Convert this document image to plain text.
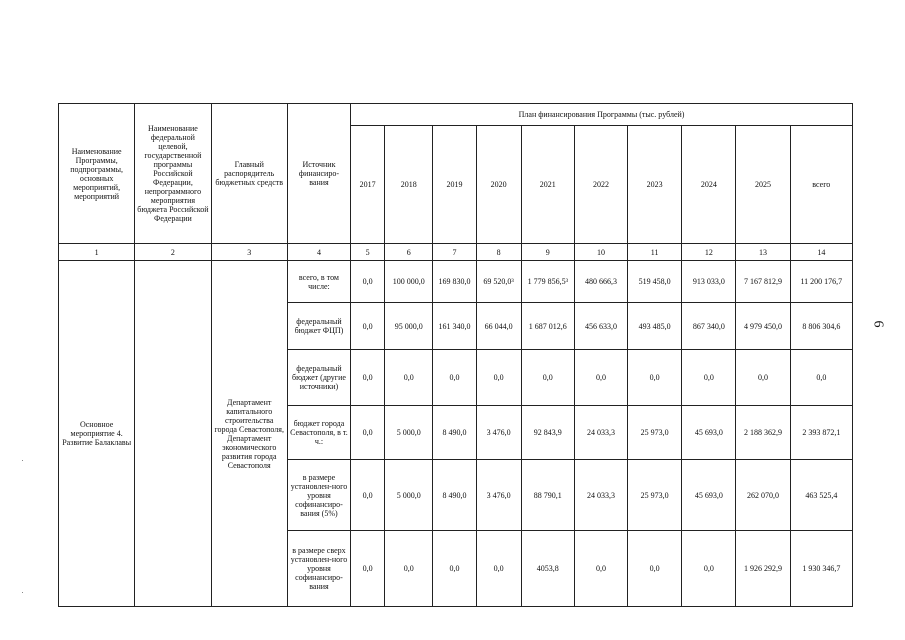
Наименование Программы, подпрограммы, основных мероприятий, мероприятий	Наименование федеральной целевой, государственной программы Российской Федерации, непрограммного мероприятия бюджета Российской Федерации	Главный распорядитель бюджетных средств	Источник финансиро-вания	План финансирования Программы (тыс. рублей)									
				2017	2018	2019	2020	2021	2022	2023	2024	2025	всего
1	2	3	4	5	6	7	8	9	10	11	12	13	14
Основное мероприятие 4. Развитие Балаклавы		Департамент капитального строительства города Севастополя, Департамент экономического развития города Севастополя	всего, в том числе:	0,0	100 000,0	169 830,0	69 520,0³	1 779 856,5³	480 666,3	519 458,0	913 033,0	7 167 812,9	11 200 176,7
			федеральный бюджет ФЦП)	0,0	95 000,0	161 340,0	66 044,0	1 687 012,6	456 633,0	493 485,0	867 340,0	4 979 450,0	8 806 304,6
			федеральный бюджет (другие источники)	0,0	0,0	0,0	0,0	0,0	0,0	0,0	0,0	0,0	0,0
			бюджет города Севастополя, в т. ч.:	0,0	5 000,0	8 490,0	3 476,0	92 843,9	24 033,3	25 973,0	45 693,0	2 188 362,9	2 393 872,1
			в размере установлен-ного уровня софинансиро-вания (5%)	0,0	5 000,0	8 490,0	3 476,0	88 790,1	24 033,3	25 973,0	45 693,0	262 070,0	463 525,4
			в размере сверх установлен-ного уровня софинансиро-вания	0,0	0,0	0,0	0,0	4053,8	0,0	0,0	0,0	1 926 292,9	1 930 346,7
6
